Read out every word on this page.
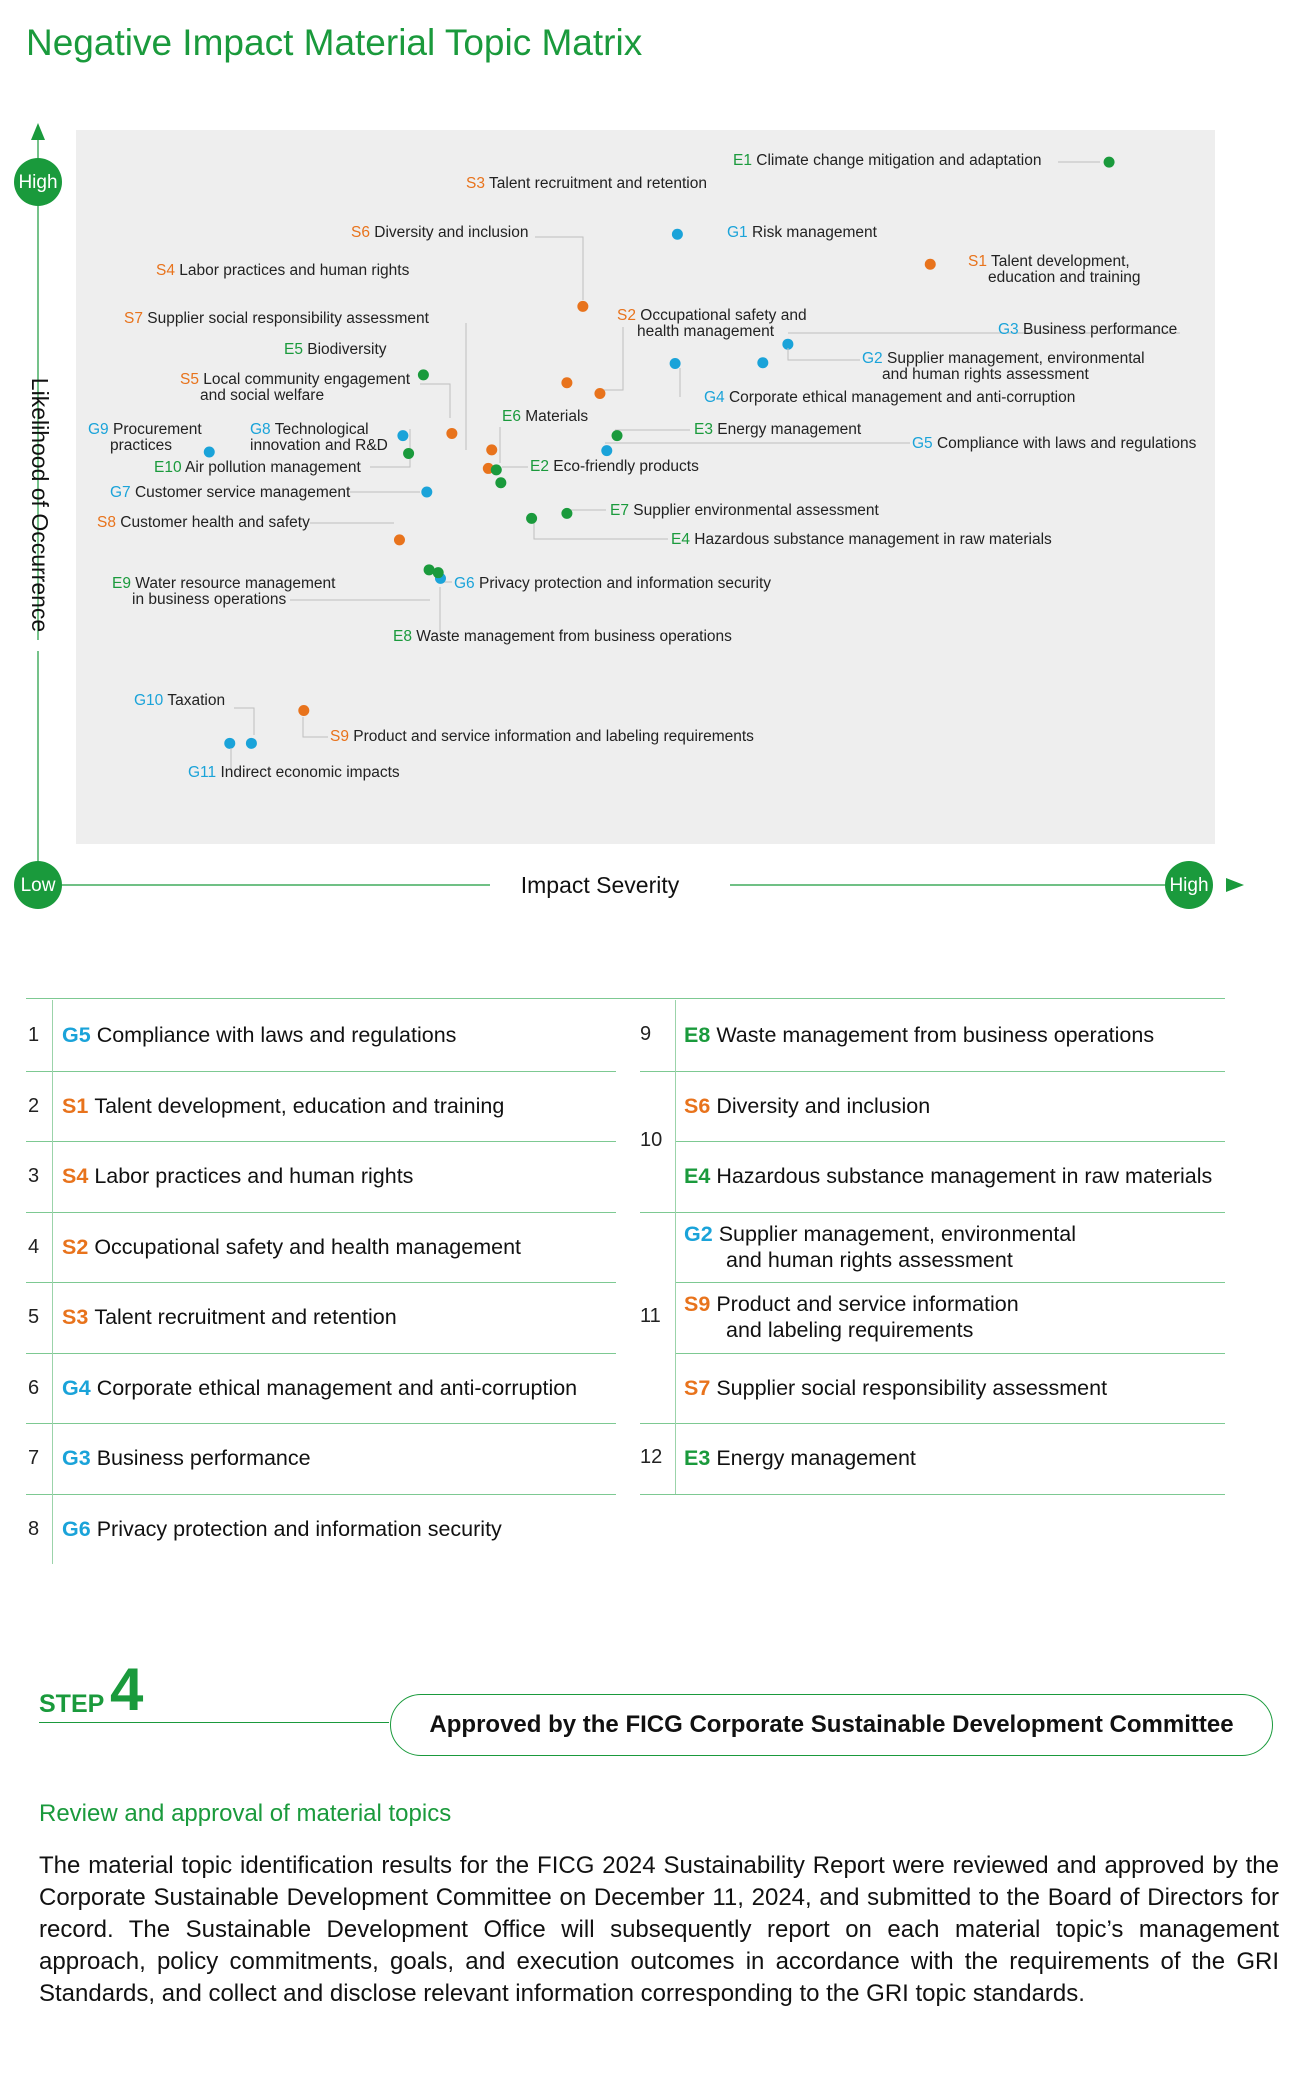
Negative Impact Material Topic Matrix
High
Low	High
Impact Severity
Likelihood of Occurrence
E1 Climate change mitigation and adaptation
S3 Talent recruitment and retention
S6 Diversity and inclusion	G1 Risk management
S1 Talent development, education and training
S4 Labor practices and human rights
S2 Occupational safety and health management
S7 Supplier social responsibility assessment
G3 Business performance
E5 Biodiversity
G2 Supplier management, environmental and human rights assessment
G4 Corporate ethical management and anti-corruption
S5 Local community engagement and social welfare
G9 Procurement practices
G8 Technological innovation and R&D
E6 Materials
E3 Energy management
G5 Compliance with laws and regulations
E10 Air pollution management	E2 Eco-friendly products
G7 Customer service management
E7 Supplier environmental assessment
S8 Customer health and safety
E4 Hazardous substance management in raw materials
E9 Water resource management in business operations
G6 Privacy protection and information security
E8 Waste management from business operations
G10 Taxation
S9 Product and service information and labeling requirements
G11 Indirect economic impacts
1 G5 Compliance with laws and regulations
2 S1 Talent development, education and training
3 S4 Labor practices and human rights
4 S2 Occupational safety and health management
5 S3 Talent recruitment and retention
6 G4 Corporate ethical management and anti-corruption
7 G3 Business performance
8 G6 Privacy protection and information security
9 E8 Waste management from business operations
10
S6 Diversity and inclusion
E4 Hazardous substance management in raw materials
11
G2 Supplier management, environmental
and human rights assessment
S9 Product and service information
and labeling requirements
S7 Supplier social responsibility assessment
12 E3 Energy management
STEP 4
Approved by the FICG Corporate Sustainable Development Committee
Review and approval of material topics
The material topic identification results for the FICG 2024 Sustainability Report were reviewed and approved by the Corporate Sustainable Development Committee on December 11, 2024, and submitted to the Board of Directors for record. The Sustainable Development Office will subsequently report on each material topic’s management approach, policy commitments, goals, and execution outcomes in accordance with the requirements of the GRI Standards, and collect and disclose relevant information corresponding to the GRI topic standards.
